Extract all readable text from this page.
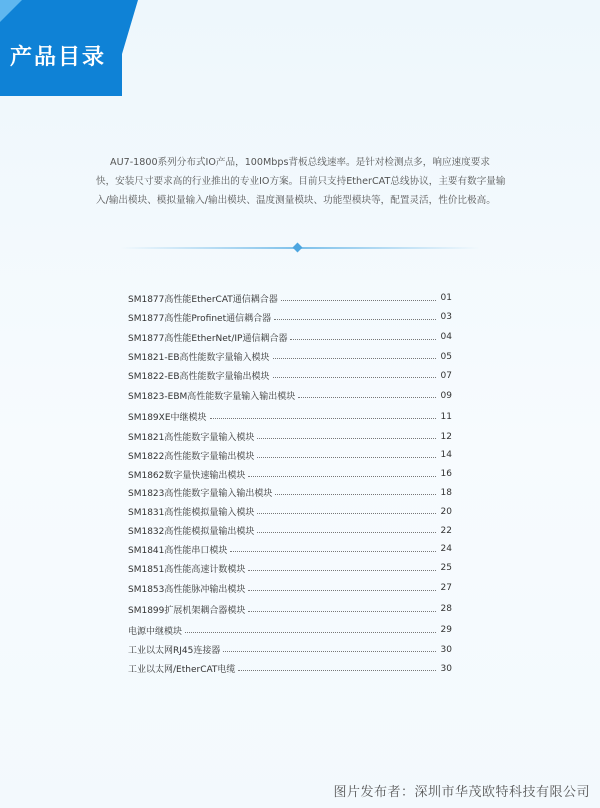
产品目录

AU7-1800系列分布式IO产品，100Mbps背板总线速率。是针对检测点多，响应速度要求快，安装尺寸要求高的行业推出的专业IO方案。目前只支持EtherCAT总线协议，主要有数字量输入/输出模块、模拟量输入/输出模块、温度测量模块、功能型模块等，配置灵活，性价比极高。

SM1877高性能EtherCAT通信耦合器	01
SM1877高性能Profinet通信耦合器	03
SM1877高性能EtherNet/IP通信耦合器	04
SM1821-EB高性能数字量输入模块	05
SM1822-EB高性能数字量输出模块	07
SM1823-EBM高性能数字量输入输出模块	09
SM189XE中继模块	11
SM1821高性能数字量输入模块	12
SM1822高性能数字量输出模块	14
SM1862数字量快速输出模块	16
SM1823高性能数字量输入输出模块	18
SM1831高性能模拟量输入模块	20
SM1832高性能模拟量输出模块	22
SM1841高性能串口模块	24
SM1851高性能高速计数模块	25
SM1853高性能脉冲输出模块	27
SM1899扩展机架耦合器模块	28
电源中继模块	29
工业以太网RJ45连接器	30
工业以太网/EtherCAT电缆	30
图片发布者：深圳市华茂欧特科技有限公司
